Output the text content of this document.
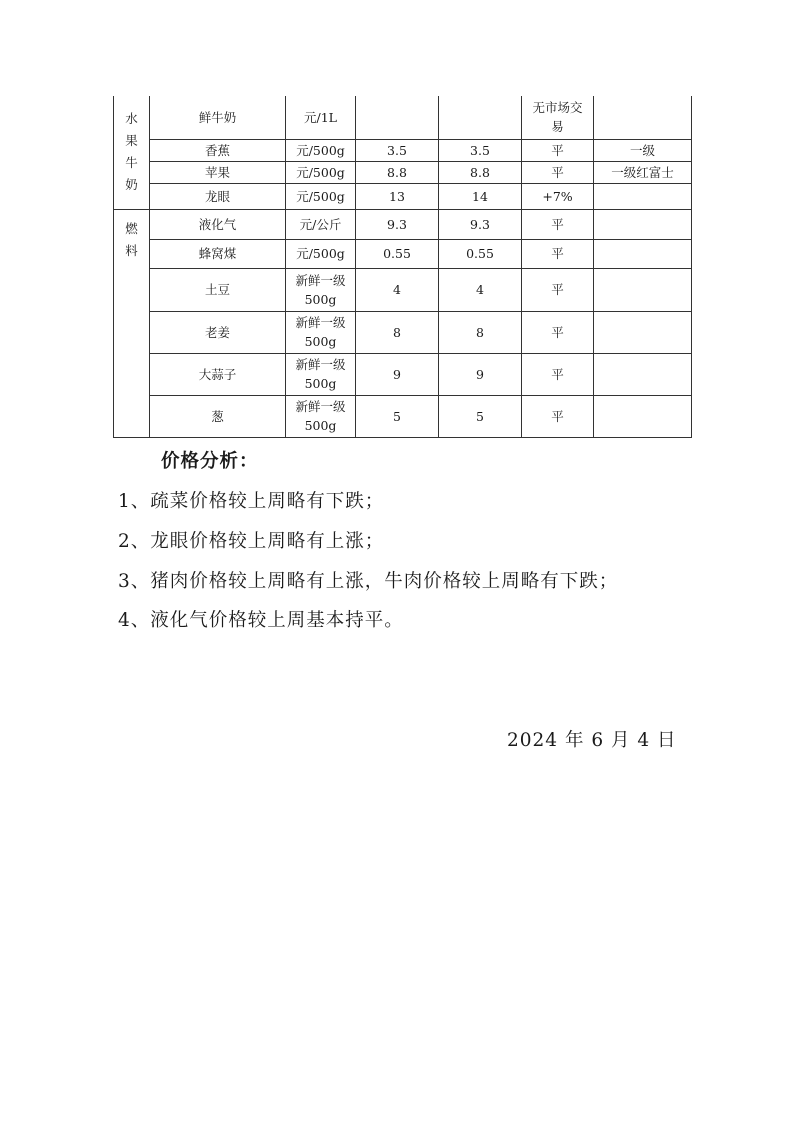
水
果
牛
奶	鲜牛奶	元/1L			无市场交易	
	香蕉	元/500g	3.5	3.5	平	一级
	苹果	元/500g	8.8	8.8	平	一级红富士
	龙眼	元/500g	13	14	+7%	
燃
料	液化气	元/公斤	9.3	9.3	平	
	蜂窝煤	元/500g	0.55	0.55	平	
	土豆	新鲜一级500g	4	4	平	
	老姜	新鲜一级500g	8	8	平	
	大蒜子	新鲜一级500g	9	9	平	
	葱	新鲜一级500g	5	5	平	
价格分析：
1、疏菜价格较上周略有下跌；
2、龙眼价格较上周略有上涨；
3、猪肉价格较上周略有上涨，牛肉价格较上周略有下跌；
4、液化气价格较上周基本持平。
2024 年 6 月 4 日
